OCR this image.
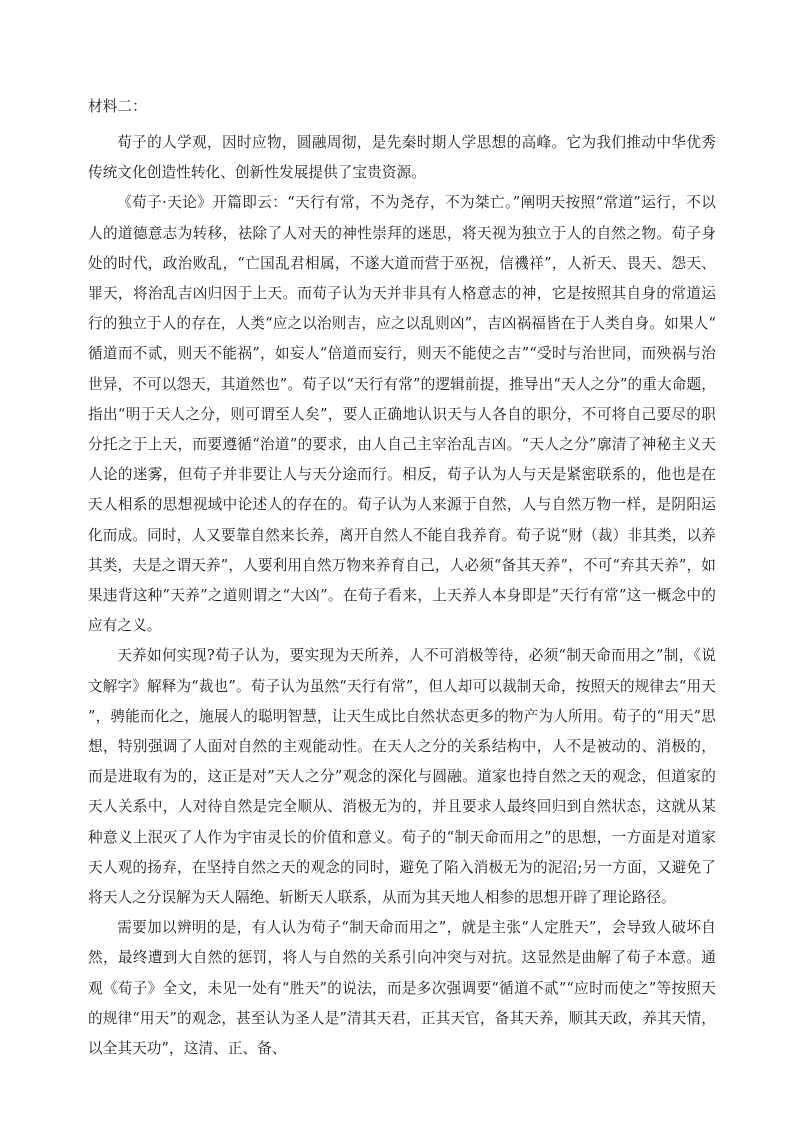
材料二：

荀子的人学观，因时应物，圆融周彻，是先秦时期人学思想的高峰。它为我们推动中华优秀传统文化创造性转化、创新性发展提供了宝贵资源。

《荀子·天论》开篇即云：“天行有常，不为尧存，不为桀亡。”阐明天按照“常道”运行，不以人的道德意志为转移，祛除了人对天的神性崇拜的迷思，将天视为独立于人的自然之物。荀子身处的时代，政治败乱，“亡国乱君相属，不遂大道而营于巫祝，信禨祥”，人祈天、畏天、怨天、罪天，将治乱吉凶归因于上天。而荀子认为天并非具有人格意志的神，它是按照其自身的常道运行的独立于人的存在，人类“应之以治则吉，应之以乱则凶”，吉凶祸福皆在于人类自身。如果人“循道而不贰，则天不能祸”，如妄人“倍道而妄行，则天不能使之吉”“受时与治世同，而殃祸与治世异，不可以怨天，其道然也”。荀子以“天行有常”的逻辑前提，推导出“天人之分”的重大命题，指出“明于天人之分，则可谓至人矣”，要人正确地认识天与人各自的职分，不可将自己要尽的职分托之于上天，而要遵循“治道”的要求，由人自己主宰治乱吉凶。“天人之分”廓清了神秘主义天人论的迷雾，但荀子并非要让人与天分途而行。相反，荀子认为人与天是紧密联系的，他也是在天人相系的思想视域中论述人的存在的。荀子认为人来源于自然，人与自然万物一样，是阴阳运化而成。同时，人又要靠自然来长养，离开自然人不能自我养育。荀子说“财（裁）非其类，以养其类，夫是之谓天养”，人要利用自然万物来养育自己，人必须“备其天养”，不可“弃其天养”，如果违背这种”天养”之道则谓之“大凶”。在荀子看来，上天养人本身即是”天行有常”这一概念中的应有之义。

天养如何实现?荀子认为，要实现为天所养，人不可消极等待，必须“制天命而用之”制，《说文解字》解释为“裁也”。荀子认为虽然“天行有常”，但人却可以裁制天命，按照天的规律去“用天”，骋能而化之，施展人的聪明智慧，让天生成比自然状态更多的物产为人所用。荀子的“用天”思想，特别强调了人面对自然的主观能动性。在天人之分的关系结构中，人不是被动的、消极的，而是进取有为的，这正是对”天人之分”观念的深化与圆融。道家也持自然之天的观念，但道家的天人关系中，人对待自然是完全顺从、消极无为的，并且要求人最终回归到自然状态，这就从某种意义上泯灭了人作为宇宙灵长的价值和意义。荀子的“制天命而用之”的思想，一方面是对道家天人观的扬弃，在坚持自然之天的观念的同时，避免了陷入消极无为的泥沼;另一方面，又避免了将天人之分误解为天人隔绝、斩断天人联系，从而为其天地人相参的思想开辟了理论路径。

需要加以辨明的是，有人认为荀子“制天命而用之”，就是主张“人定胜天”，会导致人破坏自然，最终遭到大自然的惩罚，将人与自然的关系引向冲突与对抗。这显然是曲解了荀子本意。通观《荀子》全文，未见一处有“胜天”的说法，而是多次强调要“循道不贰”“应时而使之”等按照天的规律“用天”的观念，甚至认为圣人是”清其天君，正其天官，备其天养，顺其天政，养其天情，以全其天功”，这清、正、备、
